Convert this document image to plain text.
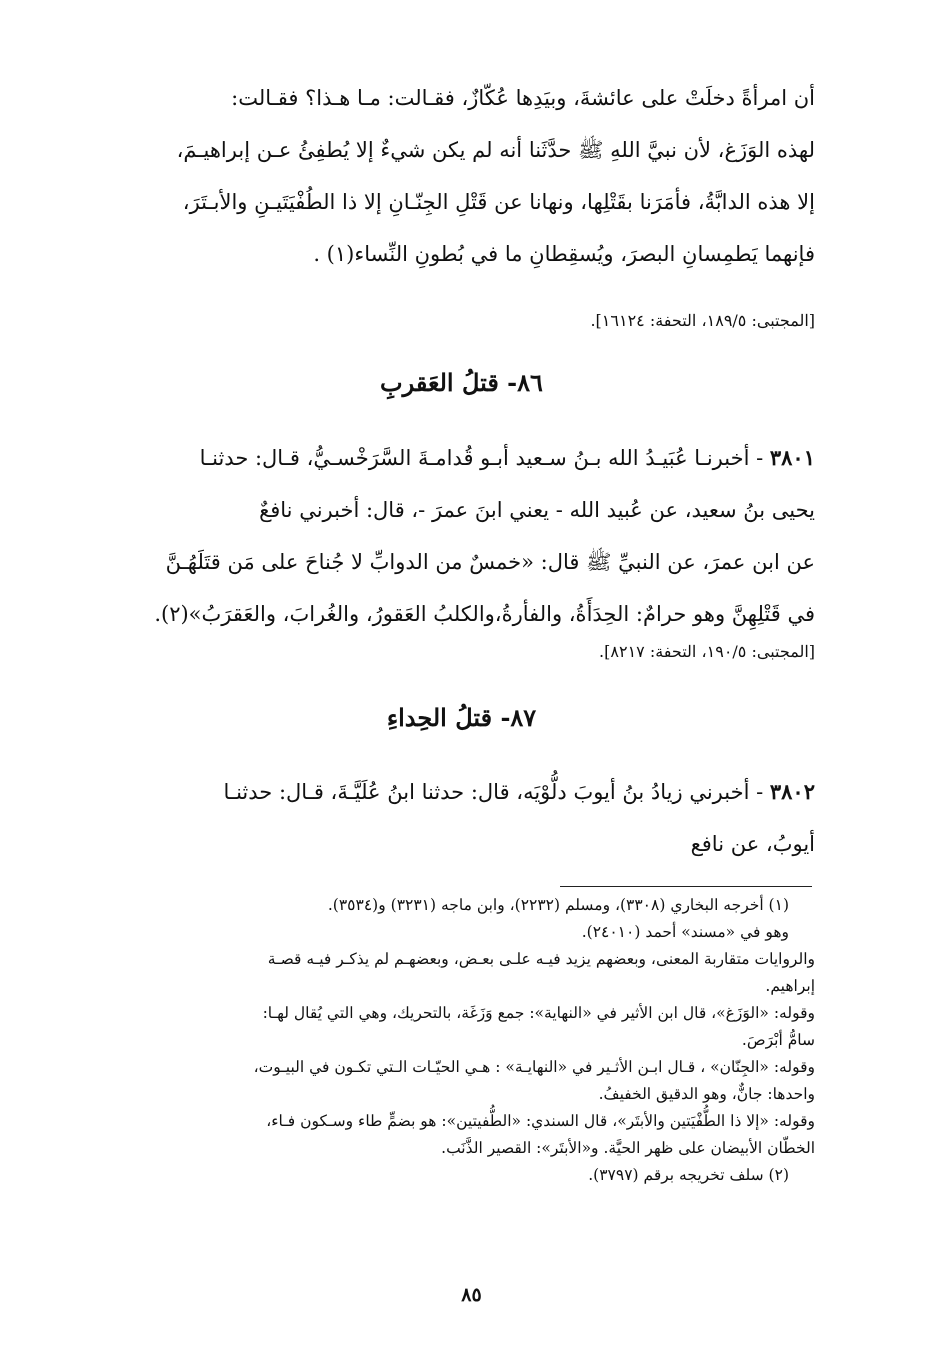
أن امرأةً دخلَتْ على عائشةَ، وبيَدِها عُكّازٌ، فقـالت: مـا هـذا؟ فقـالت:

لهذه الوَزَغ، لأن نبيَّ اللهِ ﷺ حدَّثَنا أنه لم يكن شيءٌ إلا يُطفِئُ عـن إبراهيـمَ،

إلا هذه الدابَّةُ، فأمَرَنا بقَتْلِها، ونهانا عن قَتْلِ الجِنّـانِ إلا ذا الطُفْيَتَيـنِ والأبـتَرَ،

فإنهما يَطمِسانِ البصرَ، ويُسقِطانِ ما في بُطونِ النِّساء(١) .

[المجتبى: ١٨٩/٥، التحفة: ١٦١٢٤].
٨٦- قتلُ العَقربِ

٣٨٠١ - أخبرنـا عُبَيـدُ الله بـنُ سـعيد أبـو قُدامـةَ السَّرَخْسـيُّ، قـال: حدثنـا

يحيى بنُ سعيد، عن عُبيد الله - يعني ابنَ عمرَ -، قال: أخبرني نافعٌ

عن ابن عمرَ، عن النبيِّ ﷺ قال: «خمسٌ من الدوابِّ لا جُناحَ على مَن قتَلَهُـنَّ

في قَتْلِهِنَّ وهو حرامٌ: الحِدَأَةُ، والفأرةُ،والكلبُ العَقورُ، والغُرابَ، والعَقرَبُ»(٢).

[المجتبى: ١٩٠/٥، التحفة: ٨٢١٧].
٨٧- قتلُ الحِداءِ

٣٨٠٢ - أخبرني زيادُ بنُ أيوبَ دلُّوْيَه، قال: حدثنا ابنُ عُلَيَّـةَ، قـال: حدثنـا

أيوبُ، عن نافع

(١) أخرجه البخاري (٣٣٠٨)، ومسلم (٢٢٣٢)، وابن ماجه (٣٢٣١) و(٣٥٣٤).

وهو في «مسند» أحمد (٢٤٠١٠).

والروايات متقاربة المعنى، وبعضهم يزيد فيـه علـى بعـض، وبعضهـم لم يذكـر فيـه قصـة

إبراهيم.

وقوله: «الوَزَغ»، قال ابن الأثير في «النهاية»: جمع وَزَغَة، بالتحريك، وهي التي يُقال لهـا:

سامُّ أبْرَصَ.

وقوله: «الجِنّان» ، قـال ابـن الأثـير في «النهايـة» : هـي الحيّـات الـتي تكـون في البيـوت،

واحدها: جانٌّ، وهو الدقيق الخفيفُ.

وقوله: «إلا ذا الطُّفْيَتين والأبتَر»، قال السندي: «الطُّفيتين»: هو بضمٍّ طاء وسـكون فـاء،

الخطّان الأبيضان على ظهر الحيَّة. و«الأبتَر»: القصير الذَّنَب.

(٢) سلف تخريجه برقم (٣٧٩٧).

٨٥
